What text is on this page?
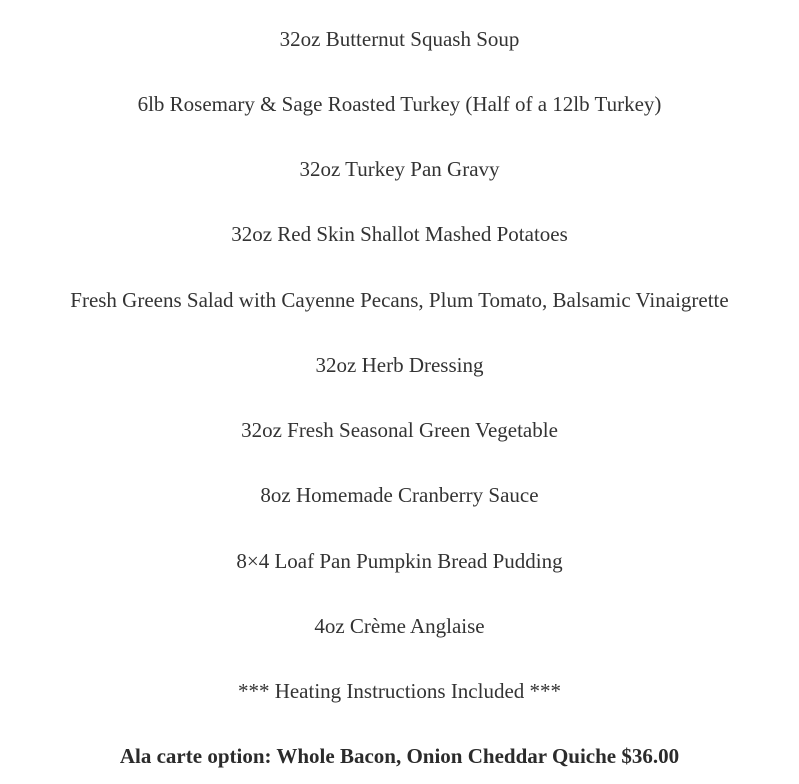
32oz Butternut Squash Soup

6lb Rosemary & Sage Roasted Turkey (Half of a 12lb Turkey)

32oz Turkey Pan Gravy

32oz Red Skin Shallot Mashed Potatoes

Fresh Greens Salad with Cayenne Pecans, Plum Tomato, Balsamic Vinaigrette

32oz Herb Dressing

32oz Fresh Seasonal Green Vegetable

8oz Homemade Cranberry Sauce

8×4 Loaf Pan Pumpkin Bread Pudding

4oz Crème Anglaise

*** Heating Instructions Included ***

Ala carte option: Whole Bacon, Onion Cheddar Quiche $36.00
